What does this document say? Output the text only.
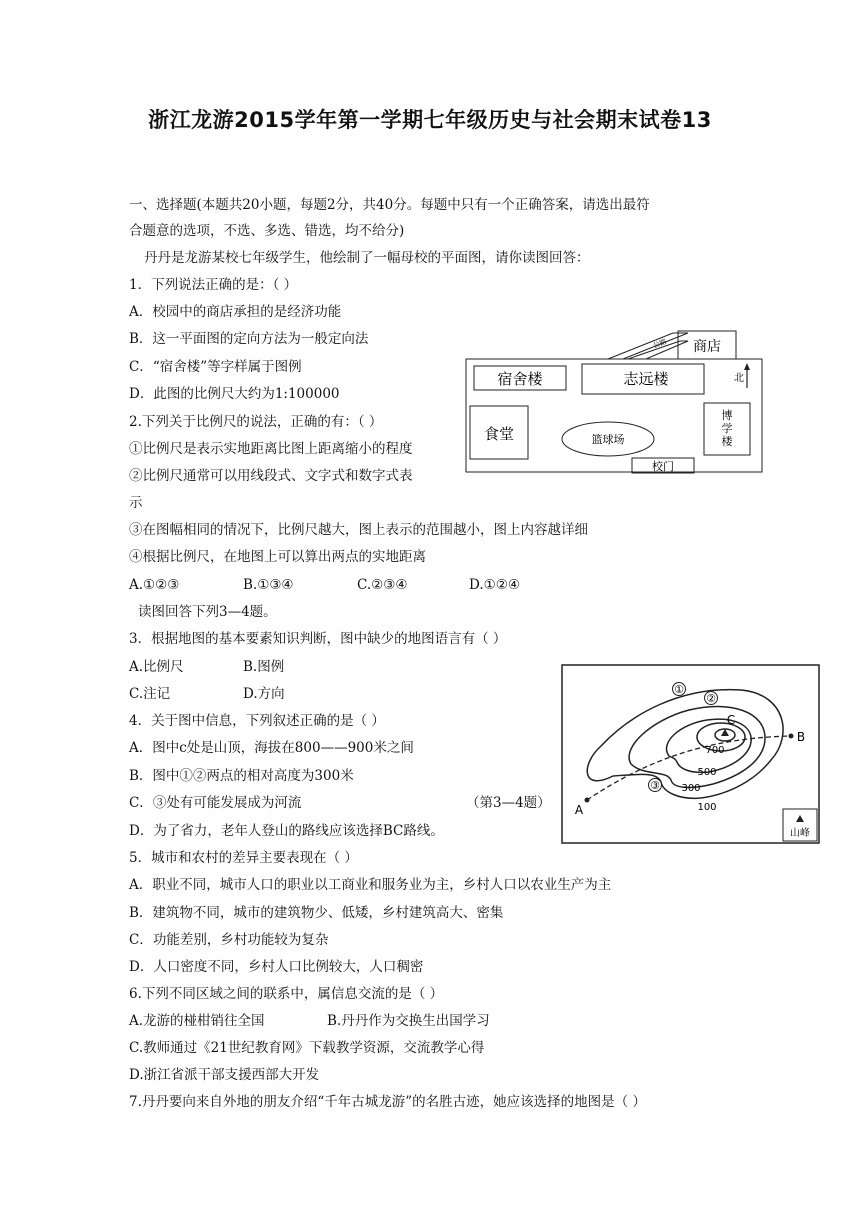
浙江龙游2015学年第一学期七年级历史与社会期末试卷13
一、选择题(本题共20小题，每题2分，共40分。每题中只有一个正确答案，请选出最符
合题意的选项，不选、多选、错选，均不给分)
丹丹是龙游某校七年级学生，他绘制了一幅母校的平面图，请你读图回答：
1．下列说法正确的是：（ ）
A．校园中的商店承担的是经济功能
B．这一平面图的定向方法为一般定向法
C．“宿舍楼”等字样属于图例
D．此图的比例尺大约为1:100000
2.下列关于比例尺的说法，正确的有：（ ）
①比例尺是表示实地距离比图上距离缩小的程度
②比例尺通常可以用线段式、文字式和数字式表
示
③在图幅相同的情况下，比例尺越大，图上表示的范围越小，图上内容越详细
④根据比例尺，在地图上可以算出两点的实地距离
A.①②③	B.①③④	C.②③④	D.①②④
读图回答下列3—4题。
3．根据地图的基本要素知识判断，图中缺少的地图语言有（ ）
A.比例尺	B.图例
C.注记	D.方向
4．关于图中信息，下列叙述正确的是（ ）
A．图中c处是山顶，海拔在800——900米之间
B．图中①②两点的相对高度为300米
C．③处有可能发展成为河流	（第3—4题）
D．为了省力，老年人登山的路线应该选择BC路线。
5．城市和农村的差异主要表现在（ ）
A．职业不同，城市人口的职业以工商业和服务业为主，乡村人口以农业生产为主
B．建筑物不同，城市的建筑物少、低矮，乡村建筑高大、密集
C．功能差别，乡村功能较为复杂
D．人口密度不同，乡村人口比例较大，人口稠密
6.下列不同区域之间的联系中，属信息交流的是（ ）
A.龙游的椪柑销往全国	B.丹丹作为交换生出国学习
C.教师通过《21世纪教育网》下载教学资源，交流教学心得
D.浙江省派干部支援西部大开发
7.丹丹要向来自外地的朋友介绍“千年古城龙游”的名胜古迹，她应该选择的地图是（ ）
公路 商店
宿舍楼	志远楼	北
食堂	篮球场
博
学
楼
校门
①
②
③
C
A
B
700
500
300
100
山峰
